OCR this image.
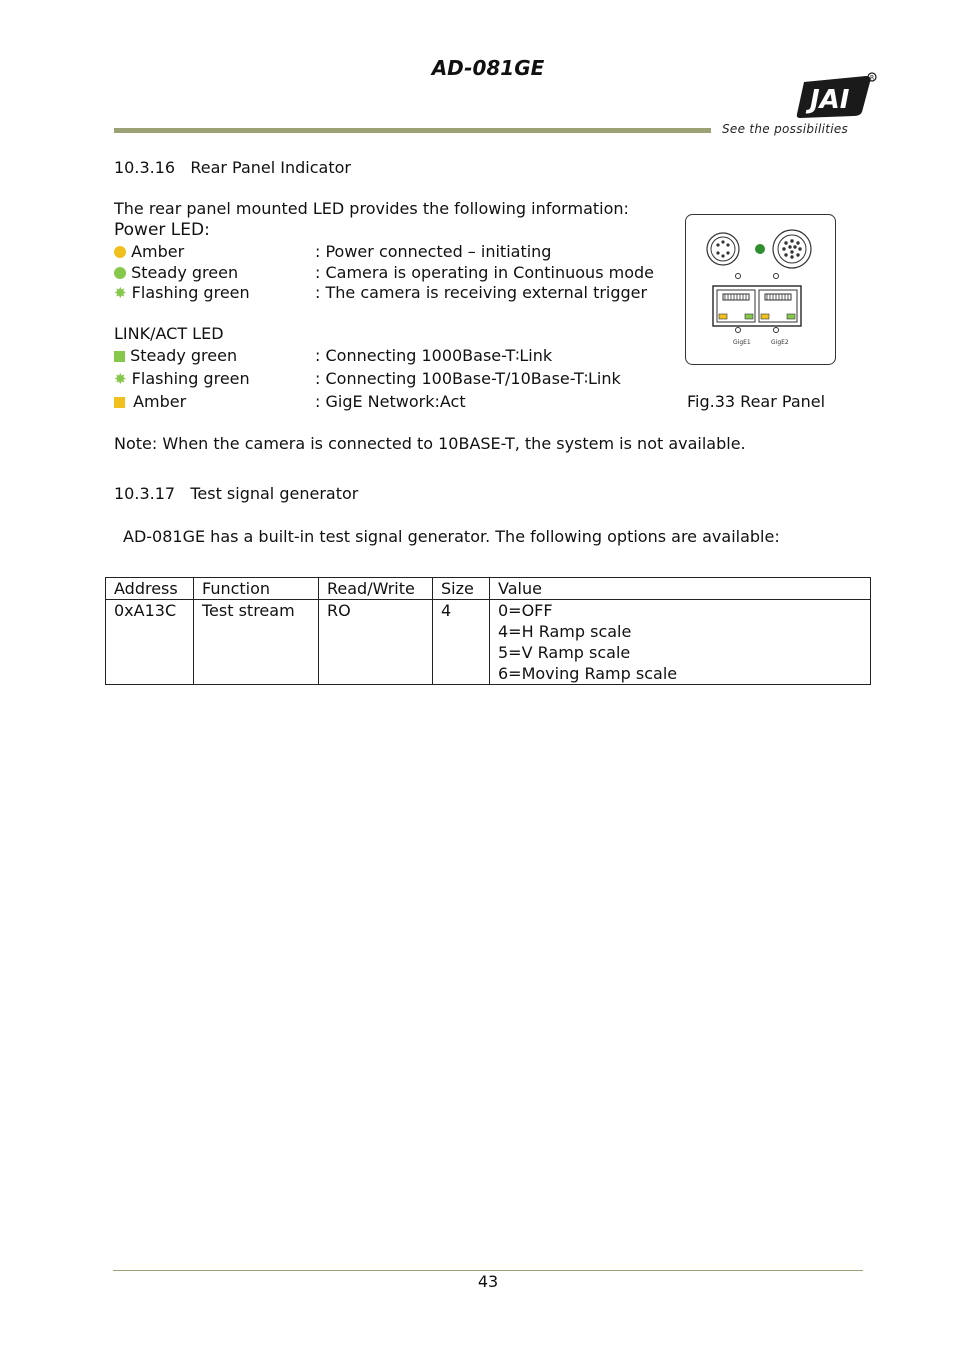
AD-081GE
JAI
R
See the possibilities
10.3.16   Rear Panel Indicator
The rear panel mounted LED provides the following information:
Power LED:
Amber	: Power connected – initiating
Steady green	: Camera is operating in Continuous mode
✸ Flashing green	: The camera is receiving external trigger
LINK/ACT LED
Steady green	: Connecting 1000Base-T∶Link
✸ Flashing green	: Connecting 100Base-T/10Base-T∶Link
Amber	: GigE Network:Act
GigE1	GigE2
Fig.33 Rear Panel
Note: When the camera is connected to 10BASE-T, the system is not available.
10.3.17   Test signal generator
AD-081GE has a built-in test signal generator. The following options are available:
Address	Function	Read/Write	Size	Value
0xA13C	Test stream	RO	4	0=OFF
4=H Ramp scale
5=V Ramp scale
6=Moving Ramp scale
43
